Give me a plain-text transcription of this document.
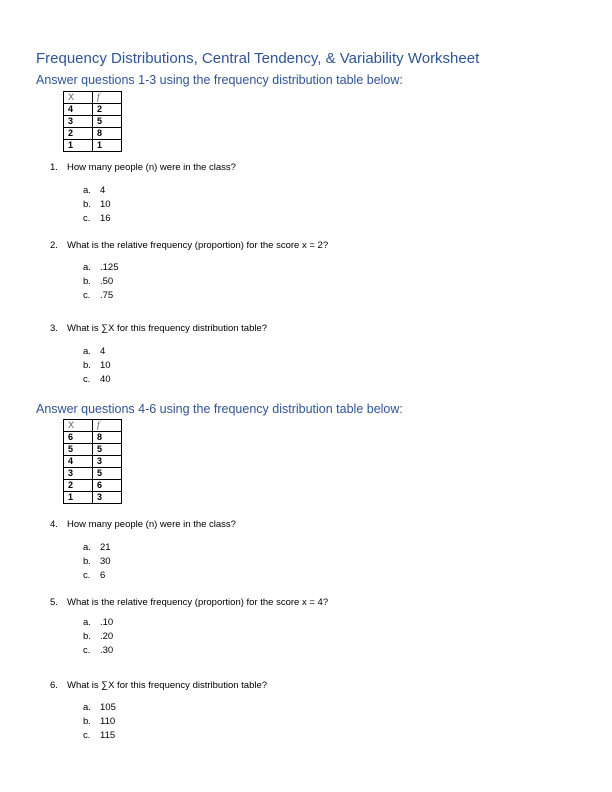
Frequency Distributions, Central Tendency, & Variability Worksheet
Answer questions 1-3 using the frequency distribution table below:
X	f
4	2
3	5
2	8
1	1
1. How many people (n) were in the class?
a. 4
b. 10
c. 16
2. What is the relative frequency (proportion) for the score x = 2?
a. .125
b. .50
c. .75
3. What is ∑X for this frequency distribution table?
a. 4
b. 10
c. 40
Answer questions 4-6 using the frequency distribution table below:
X	f
6	8
5	5
4	3
3	5
2	6
1	3
4. How many people (n) were in the class?
a. 21
b. 30
c. 6
5. What is the relative frequency (proportion) for the score x = 4?
a. .10
b. .20
c. .30
6. What is ∑X for this frequency distribution table?
a. 105
b. 110
c. 115
